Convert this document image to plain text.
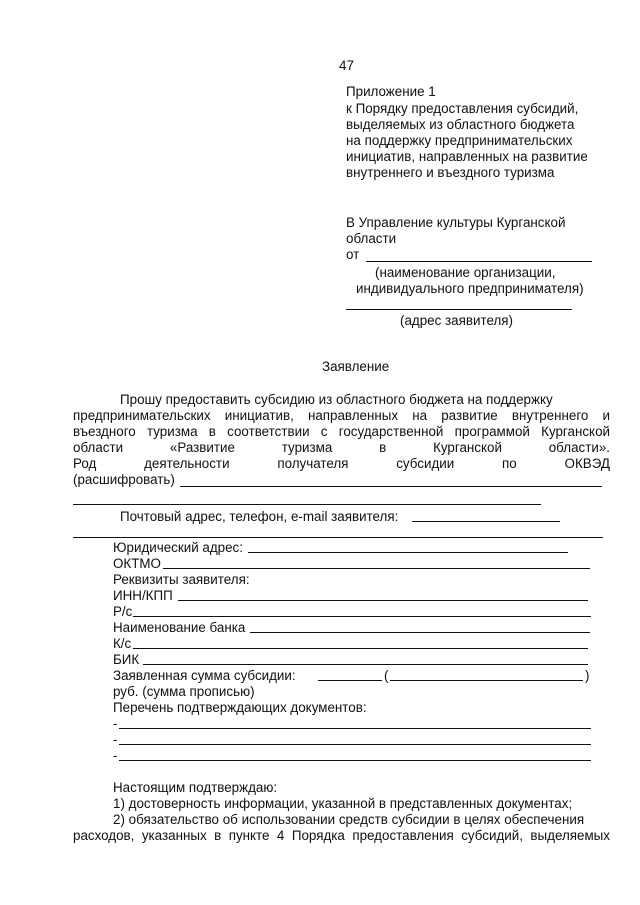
47
Приложение 1
к Порядку предоставления субсидий,
выделяемых из областного бюджета
на поддержку предпринимательских
инициатив, направленных на развитие
внутреннего и въездного туризма
В Управление культуры Курганской
области
от
(наименование организации,
индивидуального предпринимателя)
(адрес заявителя)
Заявление
Прошу предоставить субсидию из областного бюджета на поддержку
предпринимательских инициатив, направленных на развитие внутреннего и
въездного туризма в соответствии с государственной программой Курганской
области	«Развитие	туризма	в	Курганской	области».
Род	деятельности	получателя	субсидии	по	ОКВЭД
(расшифровать)
Почтовый адрес, телефон, e-mail заявителя:
Юридический адрес:
ОКТМО
Реквизиты заявителя:
ИНН/КПП
Р/с
Наименование банка
К/с
БИК
Заявленная сумма субсидии:	(	)
руб. (сумма прописью)
Перечень подтверждающих документов:
-
-
-
Настоящим подтверждаю:
1) достоверность информации, указанной в представленных документах;
2) обязательство об использовании средств субсидии в целях обеспечения
расходов, указанных в пункте 4 Порядка предоставления субсидий, выделяемых
